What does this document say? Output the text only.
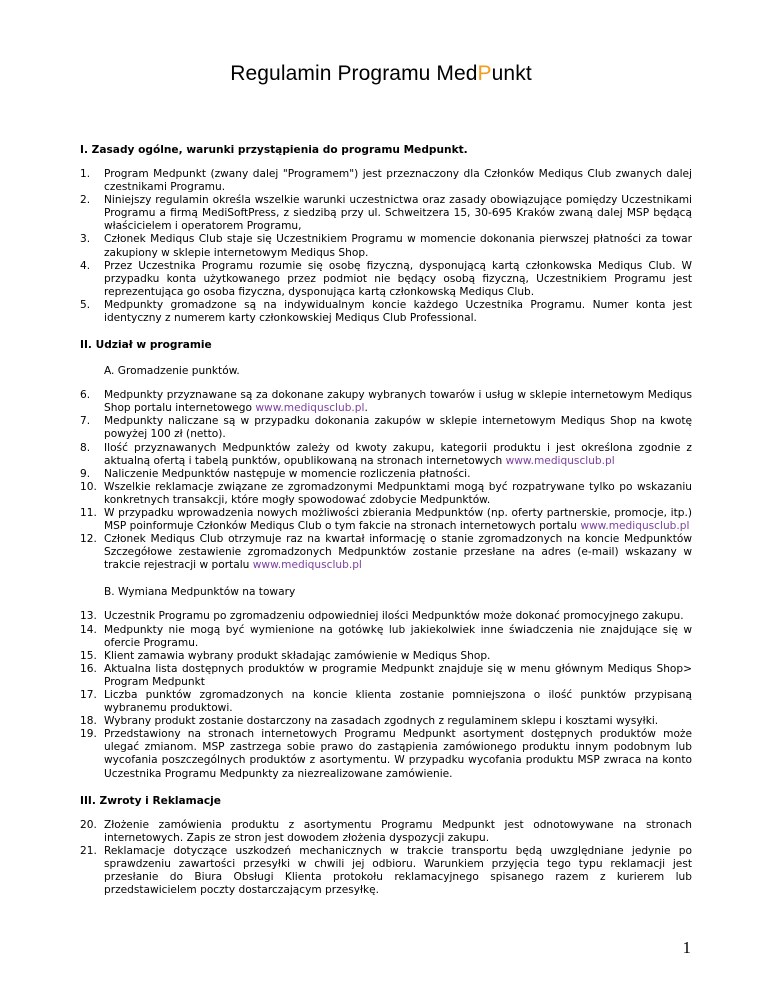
Regulamin Programu MedPunkt

I. Zasady ogólne, warunki przystąpienia do programu Medpunkt.

1. Program Medpunkt (zwany dalej "Programem") jest przeznaczony dla Członków Mediqus Club zwanych dalej czestnikami Programu.
2. Niniejszy regulamin określa wszelkie warunki uczestnictwa oraz zasady obowiązujące pomiędzy Uczestnikami Programu a firmą MediSoftPress, z siedzibą przy ul. Schweitzera 15, 30-695 Kraków zwaną dalej MSP będącą właścicielem i operatorem Programu,
3. Członek Mediqus Club staje się Uczestnikiem Programu w momencie dokonania pierwszej płatności za towar zakupiony w sklepie internetowym Mediqus Shop.
4. Przez Uczestnika Programu rozumie się osobę fizyczną, dysponującą kartą członkowska Mediqus Club. W przypadku konta użytkowanego przez podmiot nie będący osobą fizyczną, Uczestnikiem Programu jest reprezentująca go osoba fizyczna, dysponująca kartą członkowską Mediqus Club.
5. Medpunkty gromadzone są na indywidualnym koncie każdego Uczestnika Programu. Numer konta jest identyczny z numerem karty członkowskiej Mediqus Club Professional.

II. Udział w programie

A. Gromadzenie punktów.

6. Medpunkty przyznawane są za dokonane zakupy wybranych towarów i usług w sklepie internetowym Mediqus Shop portalu internetowego www.mediqusclub.pl.
7. Medpunkty naliczane są w przypadku dokonania zakupów w sklepie internetowym Mediqus Shop na kwotę powyżej 100 zł (netto).
8. Ilość przyznawanych Medpunktów zależy od kwoty zakupu, kategorii produktu i jest określona zgodnie z aktualną ofertą i tabelą punktów, opublikowaną na stronach internetowych www.mediqusclub.pl
9. Naliczenie Medpunktów następuje w momencie rozliczenia płatności.
10. Wszelkie reklamacje związane ze zgromadzonymi Medpunktami mogą być rozpatrywane tylko po wskazaniu konkretnych transakcji, które mogły spowodować zdobycie Medpunktów.
11. W przypadku wprowadzenia nowych możliwości zbierania Medpunktów (np. oferty partnerskie, promocje, itp.) MSP poinformuje Członków Mediqus Club o tym fakcie na stronach internetowych portalu www.mediqusclub.pl
12. Członek Mediqus Club otrzymuje raz na kwartał informację o stanie zgromadzonych na koncie Medpunktów Szczegółowe zestawienie zgromadzonych Medpunktów zostanie przesłane na adres (e-mail) wskazany w trakcie rejestracji w portalu www.mediqusclub.pl

B. Wymiana Medpunktów na towary

13. Uczestnik Programu po zgromadzeniu odpowiedniej ilości Medpunktów może dokonać promocyjnego zakupu.
14. Medpunkty nie mogą być wymienione na gotówkę lub jakiekolwiek inne świadczenia nie znajdujące się w ofercie Programu.
15. Klient zamawia wybrany produkt składając zamówienie w Mediqus Shop.
16. Aktualna lista dostępnych produktów w programie Medpunkt znajduje się w menu głównym Mediqus Shop> Program Medpunkt
17. Liczba punktów zgromadzonych na koncie klienta zostanie pomniejszona o ilość punktów przypisaną wybranemu produktowi.
18. Wybrany produkt zostanie dostarczony na zasadach zgodnych z regulaminem sklepu i kosztami wysyłki.
19. Przedstawiony na stronach internetowych Programu Medpunkt asortyment dostępnych produktów może ulegać zmianom. MSP zastrzega sobie prawo do zastąpienia zamówionego produktu innym podobnym lub wycofania poszczególnych produktów z asortymentu. W przypadku wycofania produktu MSP zwraca na konto Uczestnika Programu Medpunkty za niezrealizowane zamówienie.

III. Zwroty i Reklamacje

20. Złożenie zamówienia produktu z asortymentu Programu Medpunkt jest odnotowywane na stronach internetowych. Zapis ze stron jest dowodem złożenia dyspozycji zakupu.
21. Reklamacje dotyczące uszkodzeń mechanicznych w trakcie transportu będą uwzględniane jedynie po sprawdzeniu zawartości przesyłki w chwili jej odbioru. Warunkiem przyjęcia tego typu reklamacji jest przesłanie do Biura Obsługi Klienta protokołu reklamacyjnego spisanego razem z kurierem lub przedstawicielem poczty dostarczającym przesyłkę.
1
